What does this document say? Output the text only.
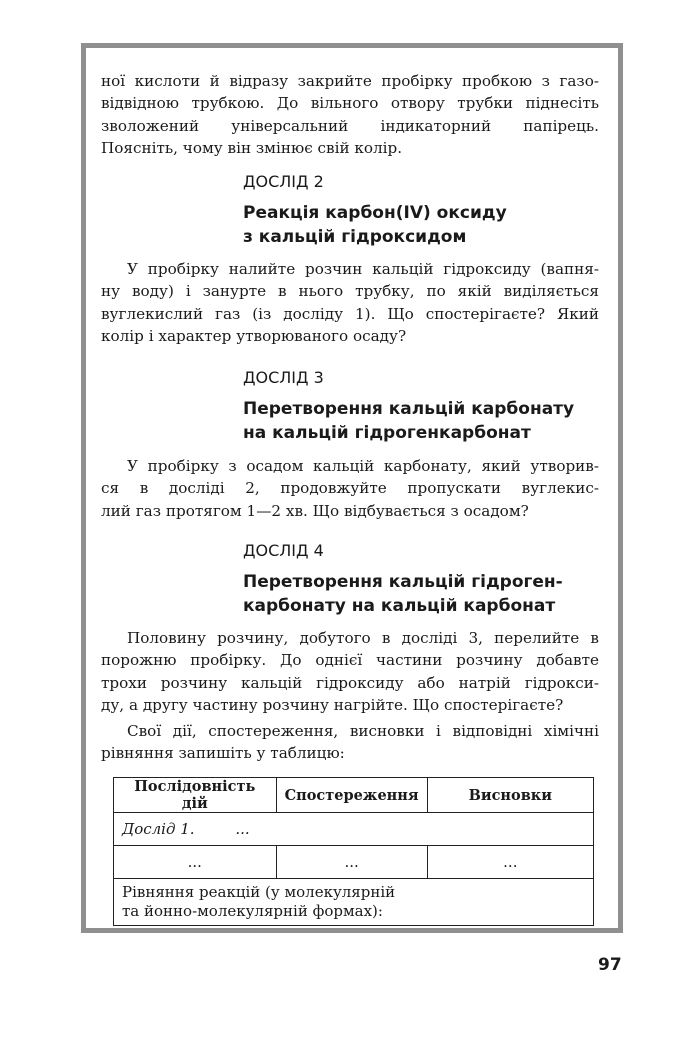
ної кислоти й відразу закрийте пробірку пробкою з газо-
відвідною трубкою. До вільного отвору трубки піднесіть
зволожений універсальний індикаторний папірець.
Поясніть, чому він змінює свій колір.

ДОСЛІД 2

Реакція карбон(IV) оксиду
з кальцій гідроксидом
У пробірку налийте розчин кальцій гідроксиду (вапня-
ну воду) і занурте в нього трубку, по якій виділяється
вуглекислий газ (із досліду 1). Що спостерігаєте? Який
колір і характер утворюваного осаду?

ДОСЛІД 3

Перетворення кальцій карбонату
на кальцій гідрогенкарбонат
У пробірку з осадом кальцій карбонату, який утворив-
ся в досліді 2, продовжуйте пропускати вуглекис-
лий газ протягом 1—2 хв. Що відбувається з осадом?

ДОСЛІД 4

Перетворення кальцій гідроген-
карбонату на кальцій карбонат
Половину розчину, добутого в досліді 3, перелийте в
порожню пробірку. До однієї частини розчину добавте
трохи розчину кальцій гідроксиду або натрій гідрокси-
ду, а другу частину розчину нагрійте. Що спостерігаєте?
Свої дії, спостереження, висновки і відповідні хімічні
рівняння запишіть у таблицю:
Послідовність дій	Спостереження	Висновки
Дослід 1. ...		
...	...	...

Рівняння реакцій (у молекулярній
та йонно-молекулярній формах):		
97
